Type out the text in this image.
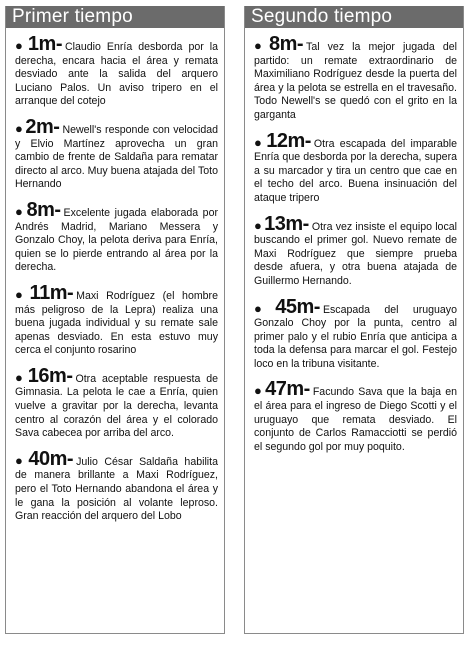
Primer tiempo

● 1m- Claudio Enría desborda por la derecha, encara hacia el área y remata desviado ante la salida del arquero Luciano Palos. Un aviso tripero en el arranque del cotejo

● 2m- Newell's responde con velocidad y Elvio Martínez aprovecha un gran cambio de frente de Saldaña para rematar directo al arco. Muy buena atajada del Toto Hernando

● 8m- Excelente jugada elaborada por Andrés Madrid, Mariano Messera y Gonzalo Choy, la pelota deriva para Enría, quien se lo pierde entrando al área por la derecha.

● 11m- Maxi Rodríguez (el hombre más peligroso de la Lepra) realiza una buena jugada individual y su remate sale apenas desviado. En esta estuvo muy cerca el conjunto rosarino

● 16m- Otra aceptable respuesta de Gimnasia. La pelota le cae a Enría, quien vuelve a gravitar por la derecha, levanta centro al corazón del área y el colorado Sava cabecea por arriba del arco.

● 40m- Julio César Saldaña habilita de manera brillante a Maxi Rodríguez, pero el Toto Hernando abandona el área y le gana la posición al volante leproso. Gran reacción del arquero del Lobo

Segundo tiempo

● 8m- Tal vez la mejor jugada del partido: un remate extraordinario de Maximiliano Rodríguez desde la puerta del área y la pelota se estrella en el travesaño. Todo Newell's se quedó con el grito en la garganta

● 12m- Otra escapada del imparable Enría que desborda por la derecha, supera a su marcador y tira un centro que cae en el techo del arco. Buena insinuación del ataque tripero

● 13m- Otra vez insiste el equipo local buscando el primer gol. Nuevo remate de Maxi Rodríguez que siempre prueba desde afuera, y otra buena atajada de Guillermo Hernando.

● 45m- Escapada del uruguayo Gonzalo Choy por la punta, centro al primer palo y el rubio Enría que anticipa a toda la defensa para marcar el gol. Festejo loco en la tribuna visitante.

● 47m- Facundo Sava que la baja en el área para el ingreso de Diego Scotti y el uruguayo que remata desviado. El conjunto de Carlos Ramacciotti se perdió el segundo gol por muy poquito.
